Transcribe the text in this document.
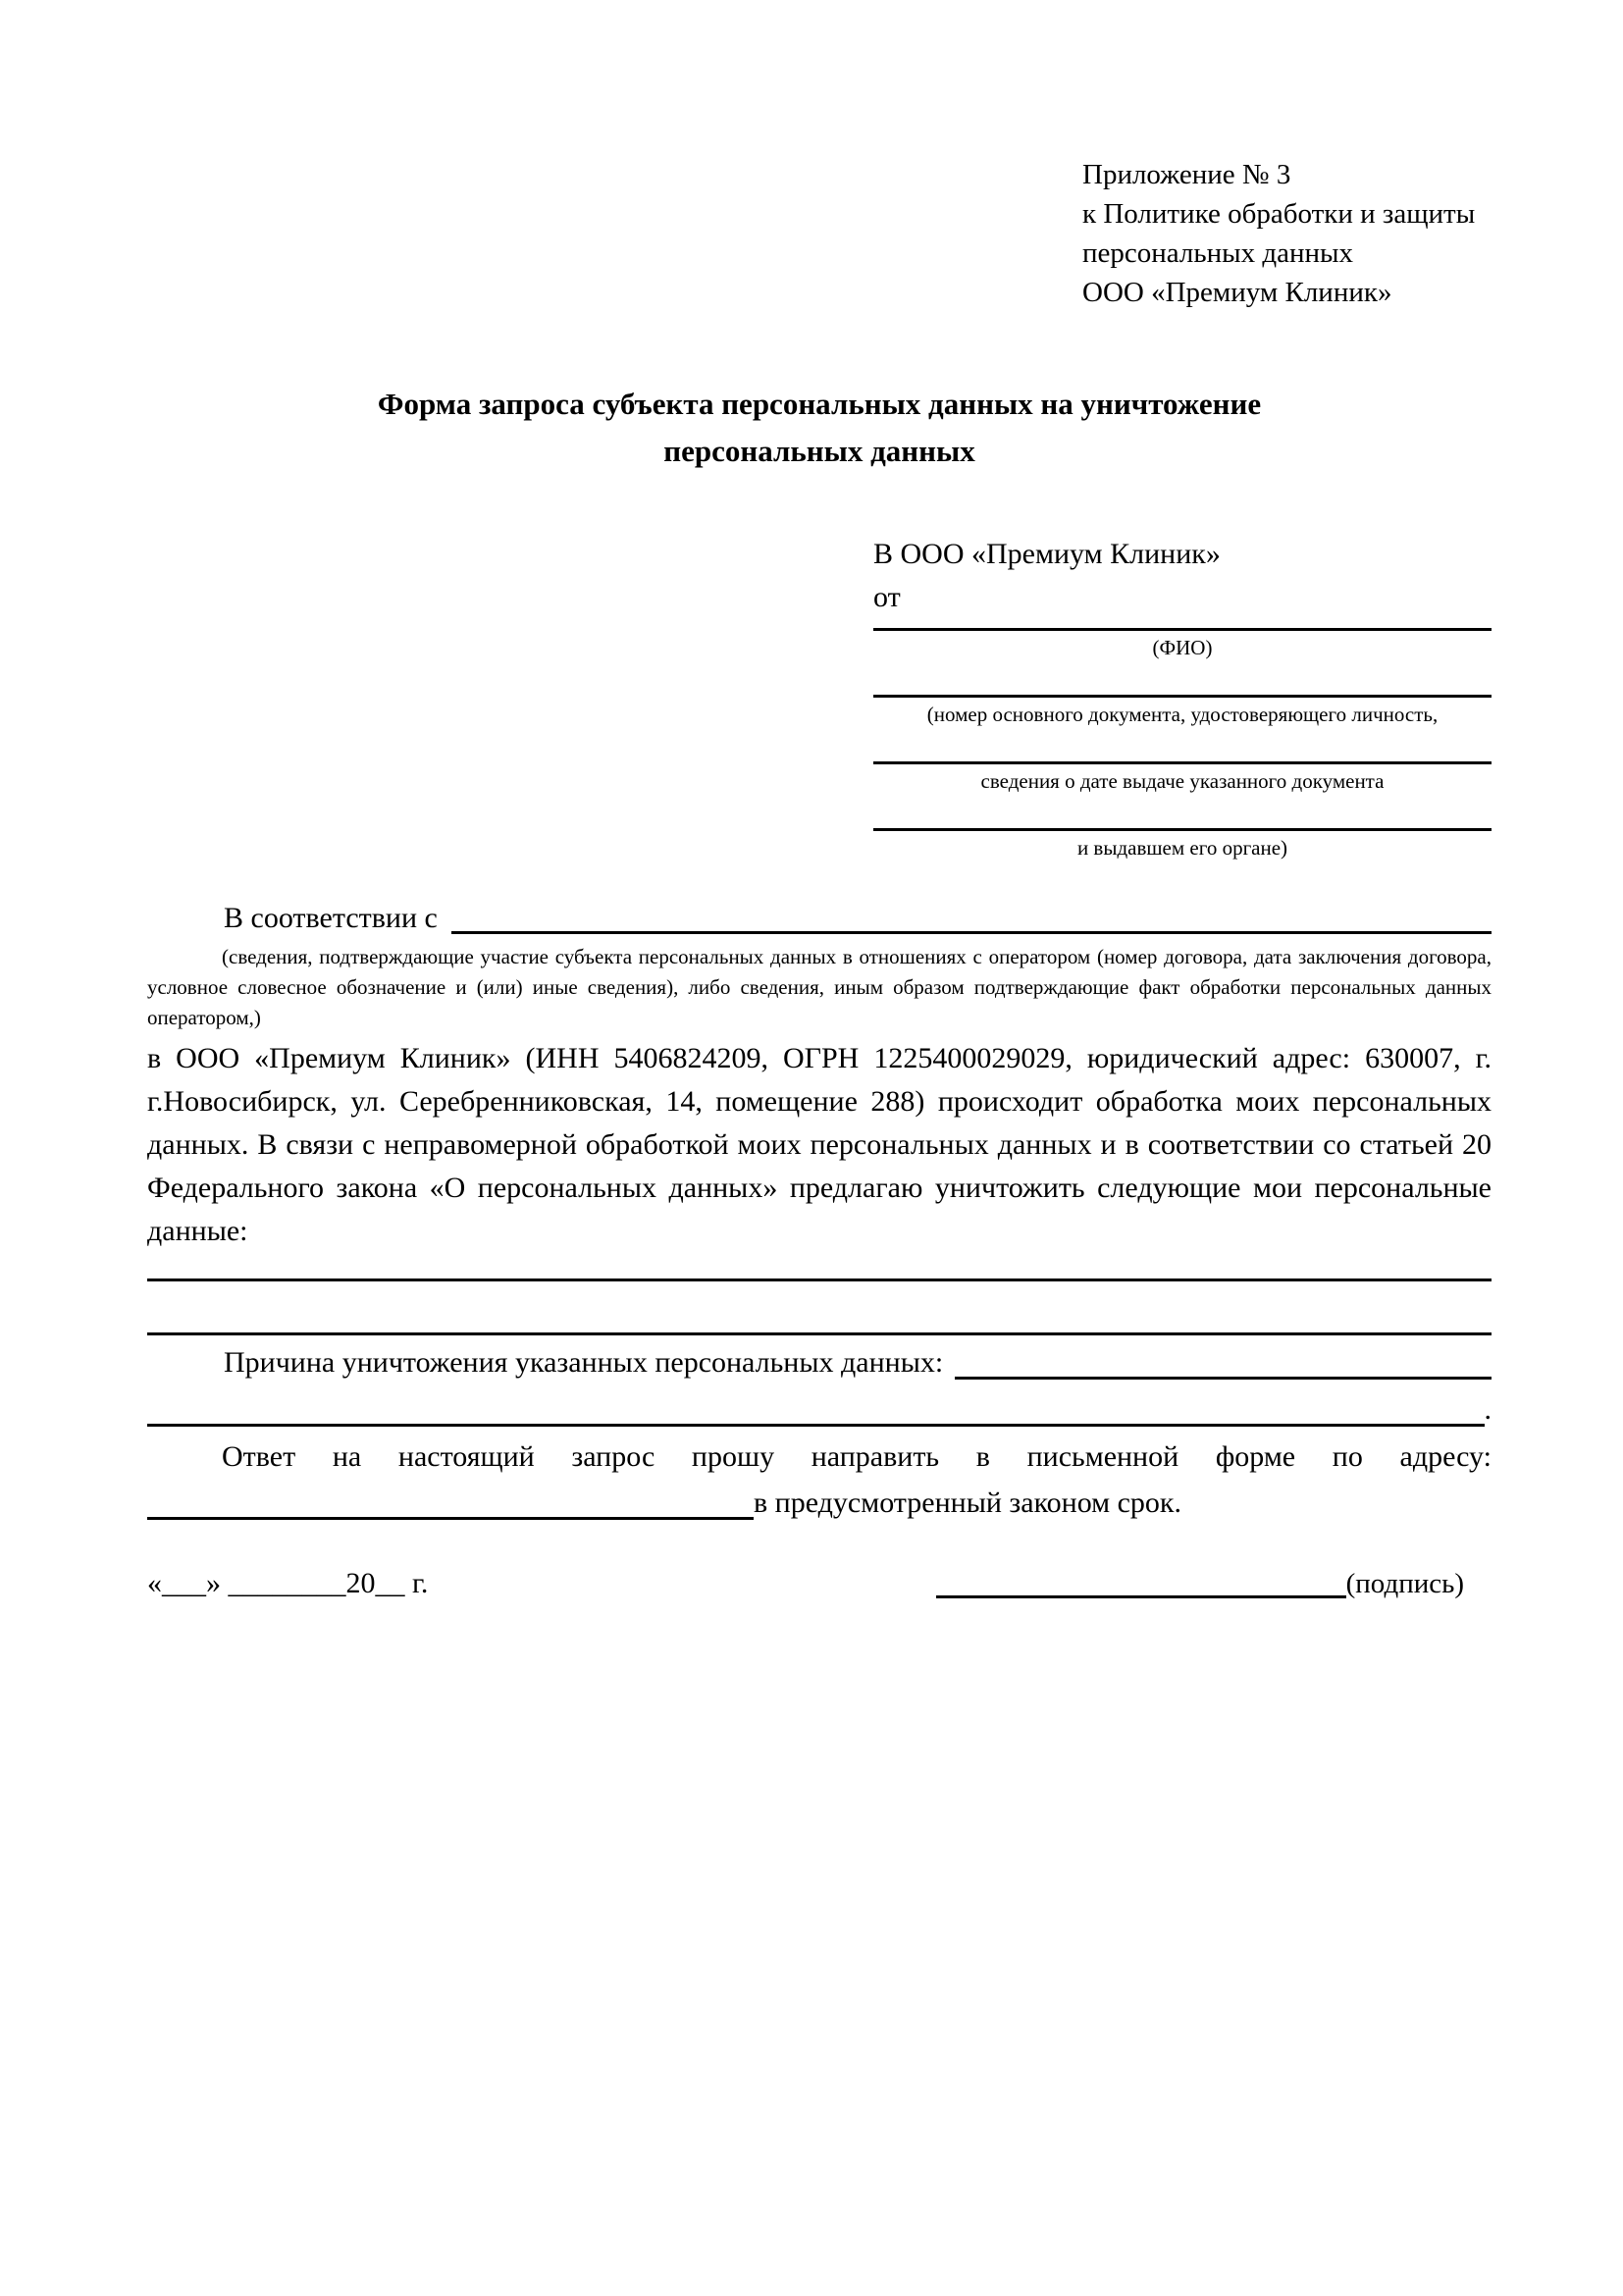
Приложение № 3
к Политике обработки и защиты
персональных данных
ООО «Премиум Клиник»
Форма запроса субъекта персональных данных на уничтожение персональных данных
В ООО «Премиум Клиник»
от
(ФИО)
(номер основного документа, удостоверяющего личность,
сведения о дате выдаче указанного документа
и выдавшем его органе)
В соответствии с
(сведения, подтверждающие участие субъекта персональных данных в отношениях с оператором (номер договора, дата заключения договора, условное словесное обозначение и (или) иные сведения), либо сведения, иным образом подтверждающие факт обработки персональных данных оператором,)
в ООО «Премиум Клиник» (ИНН 5406824209, ОГРН 1225400029029, юридический адрес: 630007, г. г.Новосибирск, ул. Серебренниковская, 14, помещение 288) происходит обработка моих персональных данных. В связи с неправомерной обработкой моих персональных данных и в соответствии со статьей 20 Федерального закона «О персональных данных» предлагаю уничтожить следующие мои персональные данные:
Причина уничтожения указанных персональных данных:
.
Ответ на настоящий запрос прошу направить в письменной форме по адресу:
в предусмотренный законом срок.
«___» ________20__ г.	(подпись)
